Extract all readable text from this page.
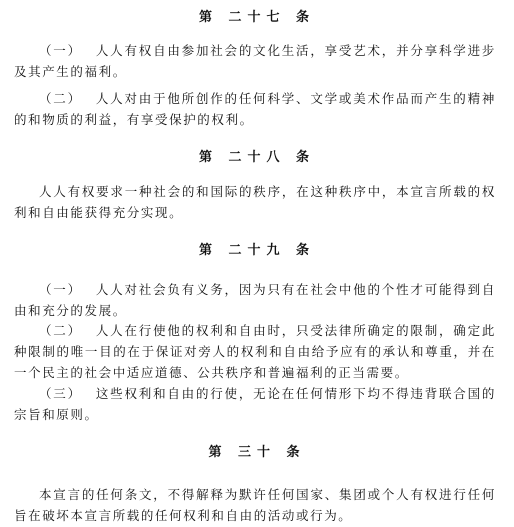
第 二十七 条
（一） 人人有权自由参加社会的文化生活，享受艺术，并分享科学进步及其产生的福利。
（二） 人人对由于他所创作的任何科学、文学或美术作品而产生的精神的和物质的利益，有享受保护的权利。
第 二十八 条
人人有权要求一种社会的和国际的秩序，在这种秩序中，本宣言所载的权利和自由能获得充分实现。
第 二十九 条
（一） 人人对社会负有义务，因为只有在社会中他的个性才可能得到自由和充分的发展。
（二） 人人在行使他的权利和自由时，只受法律所确定的限制，确定此种限制的唯一目的在于保证对旁人的权利和自由给予应有的承认和尊重，并在一个民主的社会中适应道德、公共秩序和普遍福利的正当需要。
（三） 这些权利和自由的行使，无论在任何情形下均不得违背联合国的宗旨和原则。
第 三十 条
本宣言的任何条文，不得解释为默许任何国家、集团或个人有权进行任何旨在破坏本宣言所载的任何权利和自由的活动或行为。
